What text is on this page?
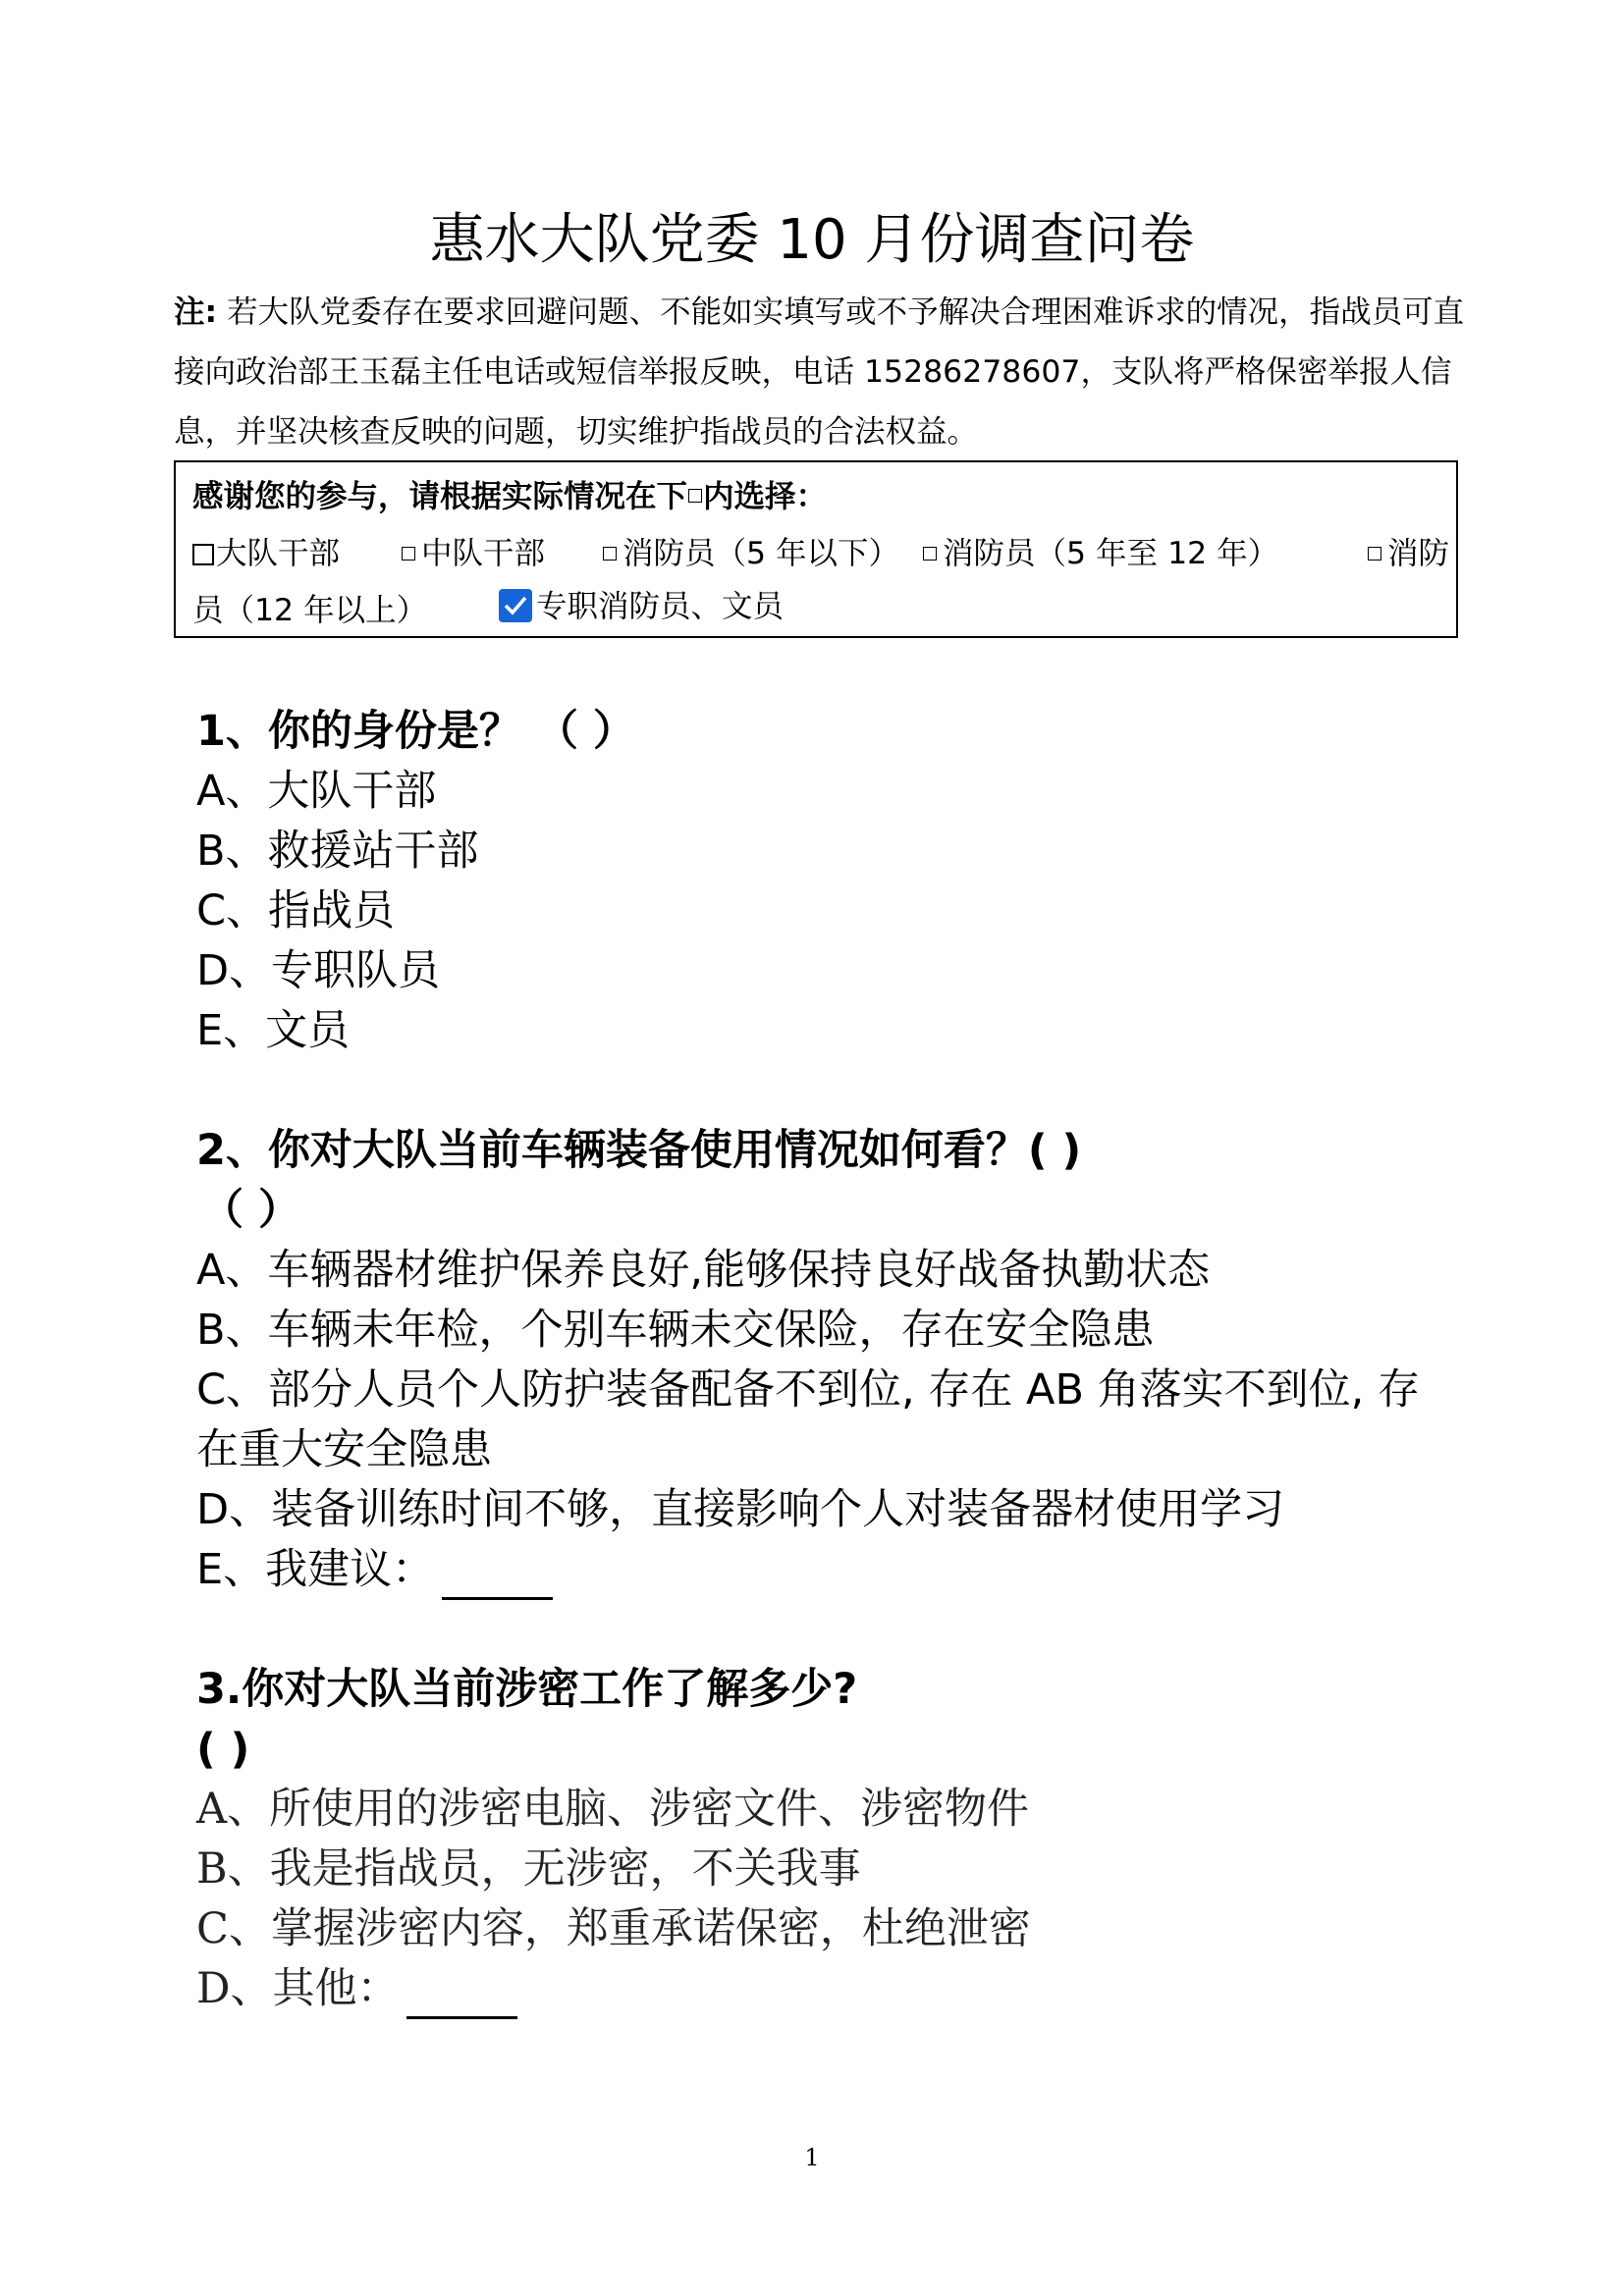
惠水大队党委 10 月份调查问卷

注: 若大队党委存在要求回避问题、不能如实填写或不予解决合理困难诉求的情况，指战员可直接向政治部王玉磊主任电话或短信举报反映，电话 15286278607，支队将严格保密举报人信息，并坚决核查反映的问题，切实维护指战员的合法权益。

感谢您的参与，请根据实际情况在下 内选择：
大队干部	中队干部	消防员（5 年以下）	消防员（5 年至 12 年）	消防
员（12 年以上）	专职消防员、文员
1、你的身份是？ （ ）
A、大队干部
B、救援站干部
C、指战员
D、专职队员
E、文员
2、你对大队当前车辆装备使用情况如何看？( )
（ ）
A、车辆器材维护保养良好,能够保持良好战备执勤状态
B、车辆未年检，个别车辆未交保险，存在安全隐患
C、部分人员个人防护装备配备不到位, 存在 AB 角落实不到位, 存在重大安全隐患
D、装备训练时间不够，直接影响个人对装备器材使用学习
E、我建议：
3.你对大队当前涉密工作了解多少?
( )
A、所使用的涉密电脑、涉密文件、涉密物件
B、我是指战员，无涉密，不关我事
C、掌握涉密内容，郑重承诺保密，杜绝泄密
D、其他：
1
